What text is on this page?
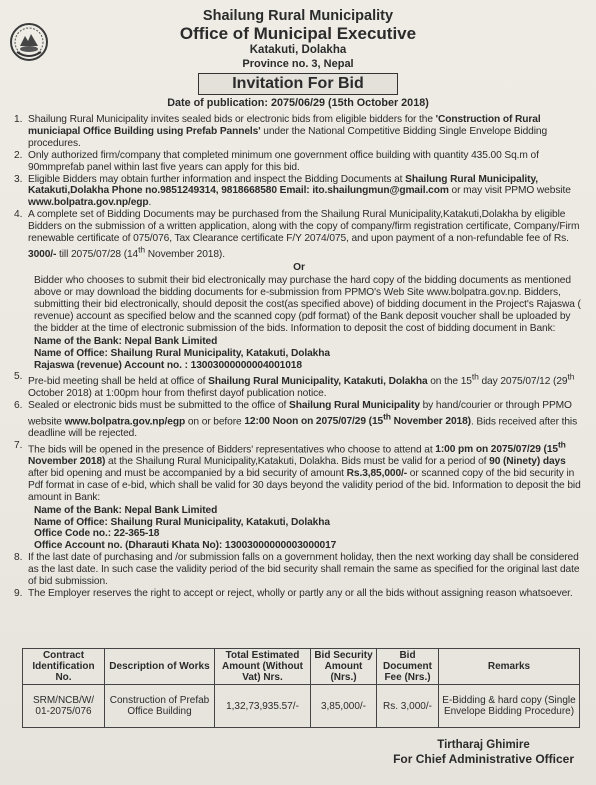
Shailung Rural Municipality
Office of Municipal Executive
Katakuti, Dolakha
Province no. 3, Nepal
Invitation For Bid
Date of publication: 2075/06/29 (15th October 2018)
1. Shailung Rural Municipality invites sealed bids or electronic bids from eligible bidders for the 'Construction of Rural municiapal Office Building using Prefab Pannels' under the National Competitive Bidding Single Envelope Bidding procedures.
2. Only authorized firm/company that completed minimum one government office building with quantity 435.00 Sq.m of 90mmprefab panel within last five years can apply for this bid.
3. Eligible Bidders may obtain further information and inspect the Bidding Documents at Shailung Rural Municipality, Katakuti,Dolakha Phone no.9851249314, 9818668580 Email: ito.shailungmun@gmail.com or may visit PPMO website www.bolpatra.gov.np/egp.
4. A complete set of Bidding Documents may be purchased from the Shailung Rural Municipality,Katakuti,Dolakha by eligible Bidders on the submission of a written application, along with the copy of company/firm registration certificate, Company/Firm renewable certificate of 075/076, Tax Clearance certificate F/Y 2074/075, and upon payment of a non-refundable fee of Rs. 3000/- till 2075/07/28 (14th November 2018).
Or
Bidder who chooses to submit their bid electronically may purchase the hard copy of the bidding documents as mentioned above or may download the bidding documents for e-submission from PPMO's Web Site www.bolpatra.gov.np. Bidders, submitting their bid electronically, should deposit the cost(as specified above) of bidding document in the Project's Rajaswa ( revenue) account as specified below and the scanned copy (pdf format) of the Bank deposit voucher shall be uploaded by the bidder at the time of electronic submission of the bids. Information to deposit the cost of bidding document in Bank:
Name of the Bank: Nepal Bank Limited
Name of Office: Shailung Rural Municipality, Katakuti, Dolakha
Rajaswa (revenue) Account no. : 13003000000004001018
5. Pre-bid meeting shall be held at office of Shailung Rural Municipality, Katakuti, Dolakha on the 15th day 2075/07/12 (29th October 2018) at 1:00pm hour from thefirst dayof publication notice.
6. Sealed or electronic bids must be submitted to the office of Shailung Rural Municipality by hand/courier or through PPMO website www.bolpatra.gov.np/egp on or before 12:00 Noon on 2075/07/29 (15th November 2018). Bids received after this deadline will be rejected.
7. The bids will be opened in the presence of Bidders' representatives who choose to attend at 1:00 pm on 2075/07/29 (15th November 2018) at the Shailung Rural Municipality,Katakuti, Dolakha. Bids must be valid for a period of 90 (Ninety) days after bid opening and must be accompanied by a bid security of amount Rs.3,85,000/- or scanned copy of the bid security in Pdf format in case of e-bid, which shall be valid for 30 days beyond the validity period of the bid. Information to deposit the bid amount in Bank:
Name of the Bank: Nepal Bank Limited
Name of Office: Shailung Rural Municipality, Katakuti, Dolakha
Office Code no.: 22-365-18
Office Account no. (Dharauti Khata No): 13003000000003000017
8. If the last date of purchasing and /or submission falls on a government holiday, then the next working day shall be considered as the last date. In such case the validity period of the bid security shall remain the same as specified for the original last date of bid submission.
9. The Employer reserves the right to accept or reject, wholly or partly any or all the bids without assigning reason whatsoever.
Contract Identification No.	Description of Works	Total Estimated Amount (Without Vat) Nrs.	Bid Security Amount (Nrs.)	Bid Document Fee (Nrs.)	Remarks
SRM/NCB/W/ 01-2075/076	Construction of Prefab Office Building	1,32,73,935.57/-	3,85,000/-	Rs. 3,000/-	E-Bidding & hard copy (Single Envelope Bidding Procedure)
Tirtharaj Ghimire
For Chief Administrative Officer
